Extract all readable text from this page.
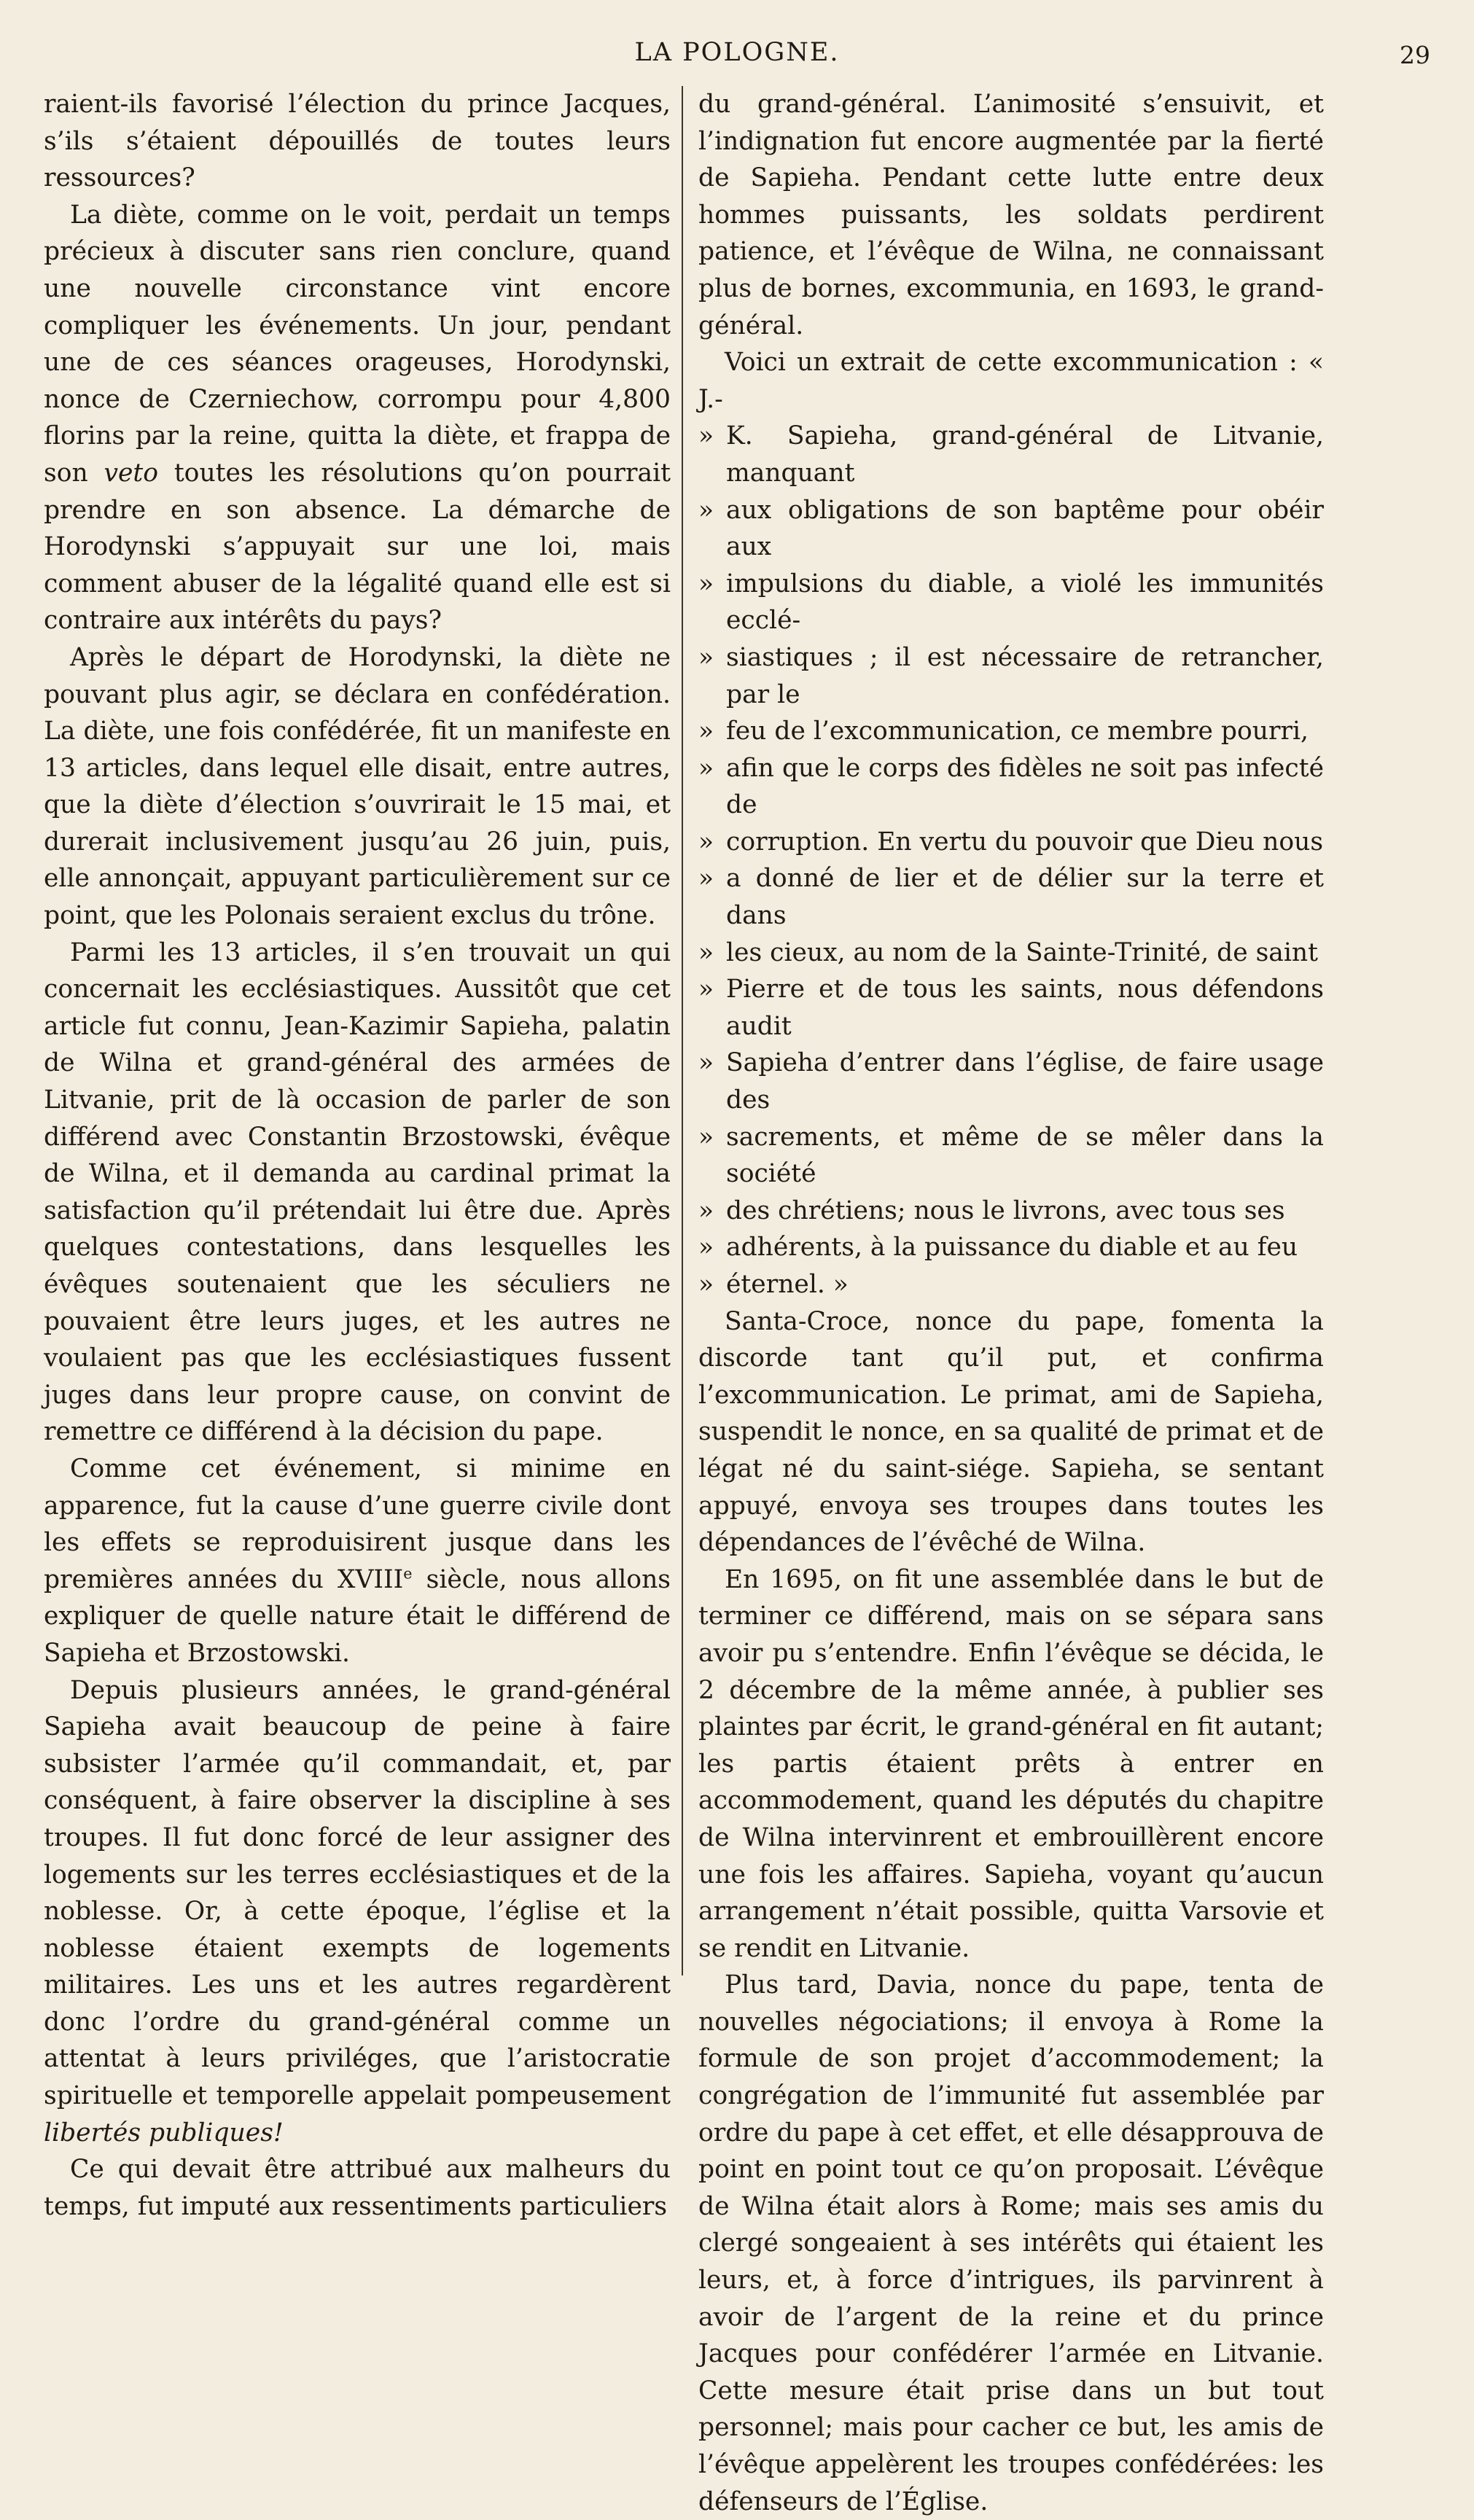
LA POLOGNE.	29

raient-ils favorisé l’élection du prince Jacques, s’ils s’étaient dépouillés de toutes leurs ressources?

La diète, comme on le voit, perdait un temps précieux à discuter sans rien conclure, quand une nouvelle circonstance vint encore compliquer les événements. Un jour, pendant une de ces séances orageuses, Horodynski, nonce de Czerniechow, corrompu pour 4,800 florins par la reine, quitta la diète, et frappa de son veto toutes les résolutions qu’on pourrait prendre en son absence. La démarche de Horodynski s’appuyait sur une loi, mais comment abuser de la légalité quand elle est si contraire aux intérêts du pays?

Après le départ de Horodynski, la diète ne pouvant plus agir, se déclara en confédération. La diète, une fois confédérée, fit un manifeste en 13 articles, dans lequel elle disait, entre autres, que la diète d’élection s’ouvrirait le 15 mai, et durerait inclusivement jusqu’au 26 juin, puis, elle annonçait, appuyant particulièrement sur ce point, que les Polonais seraient exclus du trône.

Parmi les 13 articles, il s’en trouvait un qui concernait les ecclésiastiques. Aussitôt que cet article fut connu, Jean-Kazimir Sapieha, palatin de Wilna et grand-général des armées de Litvanie, prit de là occasion de parler de son différend avec Constantin Brzostowski, évêque de Wilna, et il demanda au cardinal primat la satisfaction qu’il prétendait lui être due. Après quelques contestations, dans lesquelles les évêques soutenaient que les séculiers ne pouvaient être leurs juges, et les autres ne voulaient pas que les ecclésiastiques fussent juges dans leur propre cause, on convint de remettre ce différend à la décision du pape.

Comme cet événement, si minime en apparence, fut la cause d’une guerre civile dont les effets se reproduisirent jusque dans les premières années du XVIIIe siècle, nous allons expliquer de quelle nature était le différend de Sapieha et Brzostowski.

Depuis plusieurs années, le grand-général Sapieha avait beaucoup de peine à faire subsister l’armée qu’il commandait, et, par conséquent, à faire observer la discipline à ses troupes. Il fut donc forcé de leur assigner des logements sur les terres ecclésiastiques et de la noblesse. Or, à cette époque, l’église et la noblesse étaient exempts de logements militaires. Les uns et les autres regardèrent donc l’ordre du grand-général comme un attentat à leurs priviléges, que l’aristocratie spirituelle et temporelle appelait pompeusement libertés publiques!

Ce qui devait être attribué aux malheurs du temps, fut imputé aux ressentiments particuliers

du grand-général. L’animosité s’ensuivit, et l’indignation fut encore augmentée par la fierté de Sapieha. Pendant cette lutte entre deux hommes puissants, les soldats perdirent patience, et l’évêque de Wilna, ne connaissant plus de bornes, excommunia, en 1693, le grand-général.

Voici un extrait de cette excommunication : « J.-

» K. Sapieha, grand-général de Litvanie, manquant

» aux obligations de son baptême pour obéir aux

» impulsions du diable, a violé les immunités ecclé-

» siastiques ; il est nécessaire de retrancher, par le

» feu de l’excommunication, ce membre pourri,

» afin que le corps des fidèles ne soit pas infecté de

» corruption. En vertu du pouvoir que Dieu nous

» a donné de lier et de délier sur la terre et dans

» les cieux, au nom de la Sainte-Trinité, de saint

» Pierre et de tous les saints, nous défendons audit

» Sapieha d’entrer dans l’église, de faire usage des

» sacrements, et même de se mêler dans la société

» des chrétiens; nous le livrons, avec tous ses

» adhérents, à la puissance du diable et au feu

» éternel. »

Santa-Croce, nonce du pape, fomenta la discorde tant qu’il put, et confirma l’excommunication. Le primat, ami de Sapieha, suspendit le nonce, en sa qualité de primat et de légat né du saint-siége. Sapieha, se sentant appuyé, envoya ses troupes dans toutes les dépendances de l’évêché de Wilna.

En 1695, on fit une assemblée dans le but de terminer ce différend, mais on se sépara sans avoir pu s’entendre. Enfin l’évêque se décida, le 2 décembre de la même année, à publier ses plaintes par écrit, le grand-général en fit autant; les partis étaient prêts à entrer en accommodement, quand les députés du chapitre de Wilna intervinrent et embrouillèrent encore une fois les affaires. Sapieha, voyant qu’aucun arrangement n’était possible, quitta Varsovie et se rendit en Litvanie.

Plus tard, Davia, nonce du pape, tenta de nouvelles négociations; il envoya à Rome la formule de son projet d’accommodement; la congrégation de l’immunité fut assemblée par ordre du pape à cet effet, et elle désapprouva de point en point tout ce qu’on proposait. L’évêque de Wilna était alors à Rome; mais ses amis du clergé songeaient à ses intérêts qui étaient les leurs, et, à force d’intrigues, ils parvinrent à avoir de l’argent de la reine et du prince Jacques pour confédérer l’armée en Litvanie. Cette mesure était prise dans un but tout personnel; mais pour cacher ce but, les amis de l’évêque appelèrent les troupes confédérées: les défenseurs de l’Église.
